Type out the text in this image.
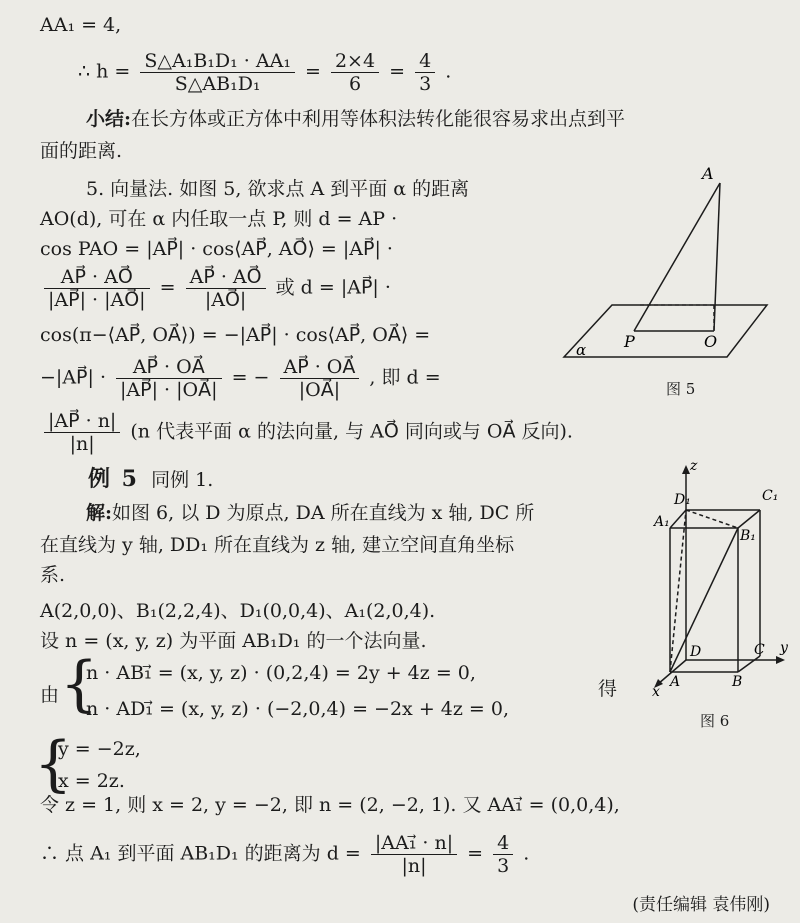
AA₁ = 4,
∴ $h = \frac{\text{S△A₁B₁D₁ · AA₁}}{\text{S△AB₁D₁}} = \frac{2\times 4}{6} = \frac{4}{3}$ .
小结:在长方体或正方体中利用等体积法转化能很容易求出点到平
面的距离.
5. 向量法. 如图 5, 欲求点 A 到平面 α 的距离
AO(d), 可在 α 内任取一点 P, 则 d = AP ·
cos PAO = |AP⃗| · cos⟨AP⃗, AO⃗⟩ = |AP⃗| ·
$\frac{AP⃗ \cdot AO⃗}{|AP⃗| \cdot |AO⃗|} = \frac{AP⃗ \cdot AO⃗}{|AO⃗|}$ 或 d = |AP⃗| ·
cos(π−⟨AP⃗, OA⃗⟩) = −|AP⃗| · cos⟨AP⃗, OA⃗⟩ =
−|AP⃗| · $\frac{AP⃗ \cdot OA⃗}{|AP⃗| \cdot |OA⃗|}$ = − $\frac{AP⃗ \cdot OA⃗}{|OA⃗|}$ , 即 d =
$\frac{|AP⃗ \cdot n|}{|n|} (n$ 代表平面 α 的法向量, 与 AO⃗ 同向或与 OA⃗ 反向).
A
P	O
α
图 5
例 5 同例 1.
解:如图 6, 以 D 为原点, DA 所在直线为 x 轴, DC 所
在直线为 y 轴, DD₁ 所在直线为 z 轴, 建立空间直角坐标
系.
A(2,0,0)、B₁(2,2,4)、D₁(0,0,4)、A₁(2,0,4).
设 n = (x, y, z) 为平面 AB₁D₁ 的一个法向量.
由 {
n · AB₁⃗ = (x, y, z) · (0,2,4) = 2y + 4z = 0,
n · AD₁⃗ = (x, y, z) · (−2,0,4) = −2x + 4z = 0,
得
{
y = −2z,
x = 2z.
令 z = 1, 则 x = 2, y = −2, 即 n = (2, −2, 1). 又 AA₁⃗ = (0,0,4),
∴ 点 A₁ 到平面 AB₁D₁ 的距离为 $d = \frac{\text{|AA₁⃗ · n|}}{|n|} = \frac{4}{3}$ .
z
y
x
D₁	C₁
A₁
B₁
D	C
A	B
图 6
(责任编辑 袁伟刚)
